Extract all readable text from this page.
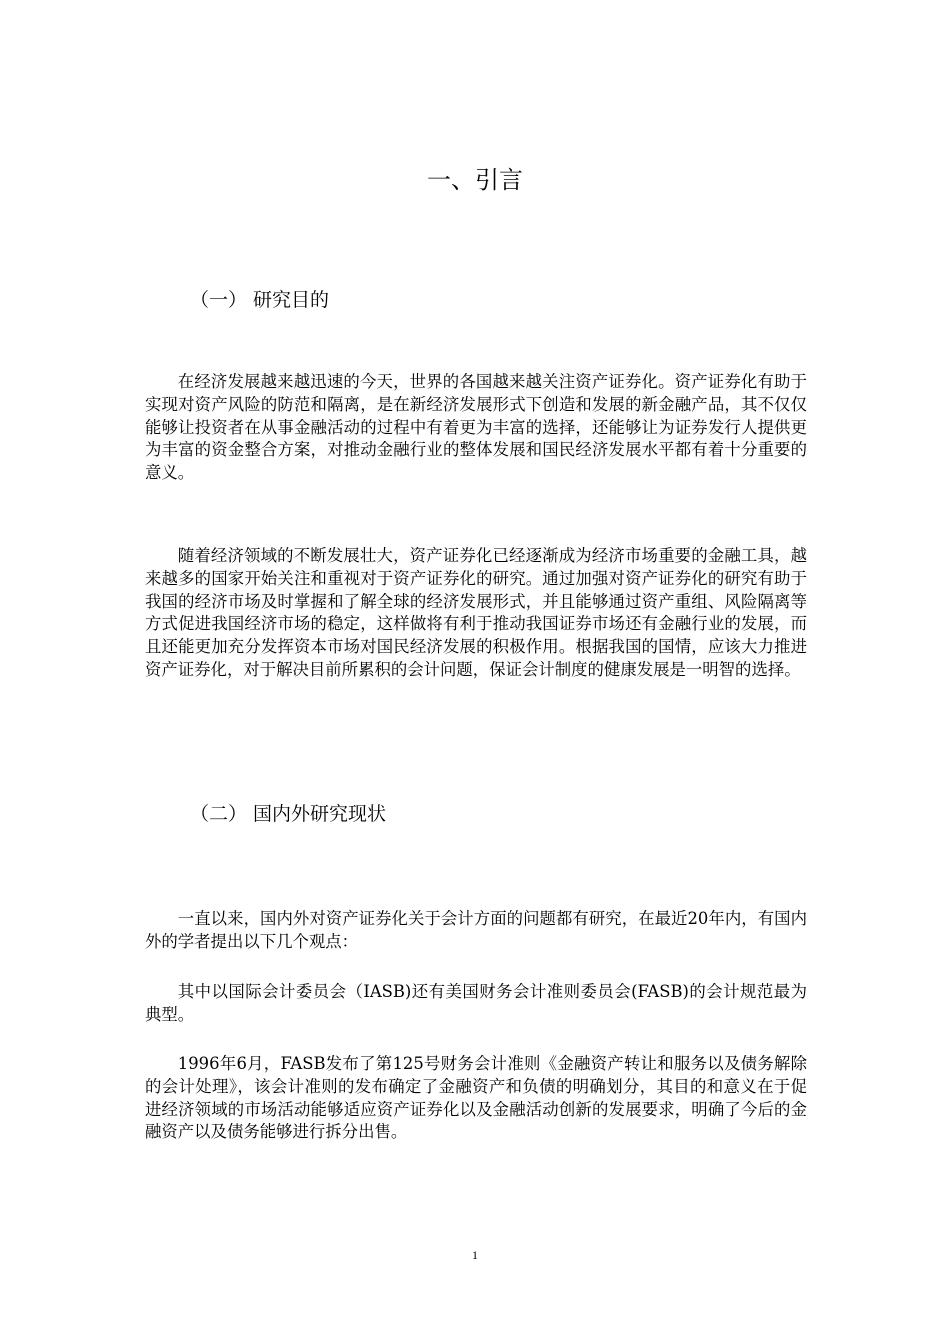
一、引言
（一） 研究目的

在经济发展越来越迅速的今天，世界的各国越来越关注资产证券化。资产证券化有助于实现对资产风险的防范和隔离，是在新经济发展形式下创造和发展的新金融产品，其不仅仅能够让投资者在从事金融活动的过程中有着更为丰富的选择，还能够让为证券发行人提供更为丰富的资金整合方案，对推动金融行业的整体发展和国民经济发展水平都有着十分重要的意义。

随着经济领域的不断发展壮大，资产证券化已经逐渐成为经济市场重要的金融工具，越来越多的国家开始关注和重视对于资产证券化的研究。通过加强对资产证券化的研究有助于我国的经济市场及时掌握和了解全球的经济发展形式，并且能够通过资产重组、风险隔离等方式促进我国经济市场的稳定，这样做将有利于推动我国证券市场还有金融行业的发展，而且还能更加充分发挥资本市场对国民经济发展的积极作用。根据我国的国情，应该大力推进资产证券化，对于解决目前所累积的会计问题，保证会计制度的健康发展是一明智的选择。

（二） 国内外研究现状

一直以来，国内外对资产证券化关于会计方面的问题都有研究，在最近20年内，有国内外的学者提出以下几个观点：

其中以国际会计委员会（IASB)还有美国财务会计准则委员会(FASB)的会计规范最为典型。

1996年6月，FASB发布了第125号财务会计准则《金融资产转让和服务以及债务解除的会计处理》，该会计准则的发布确定了金融资产和负债的明确划分，其目的和意义在于促进经济领域的市场活动能够适应资产证券化以及金融活动创新的发展要求，明确了今后的金融资产以及债务能够进行拆分出售。

1
